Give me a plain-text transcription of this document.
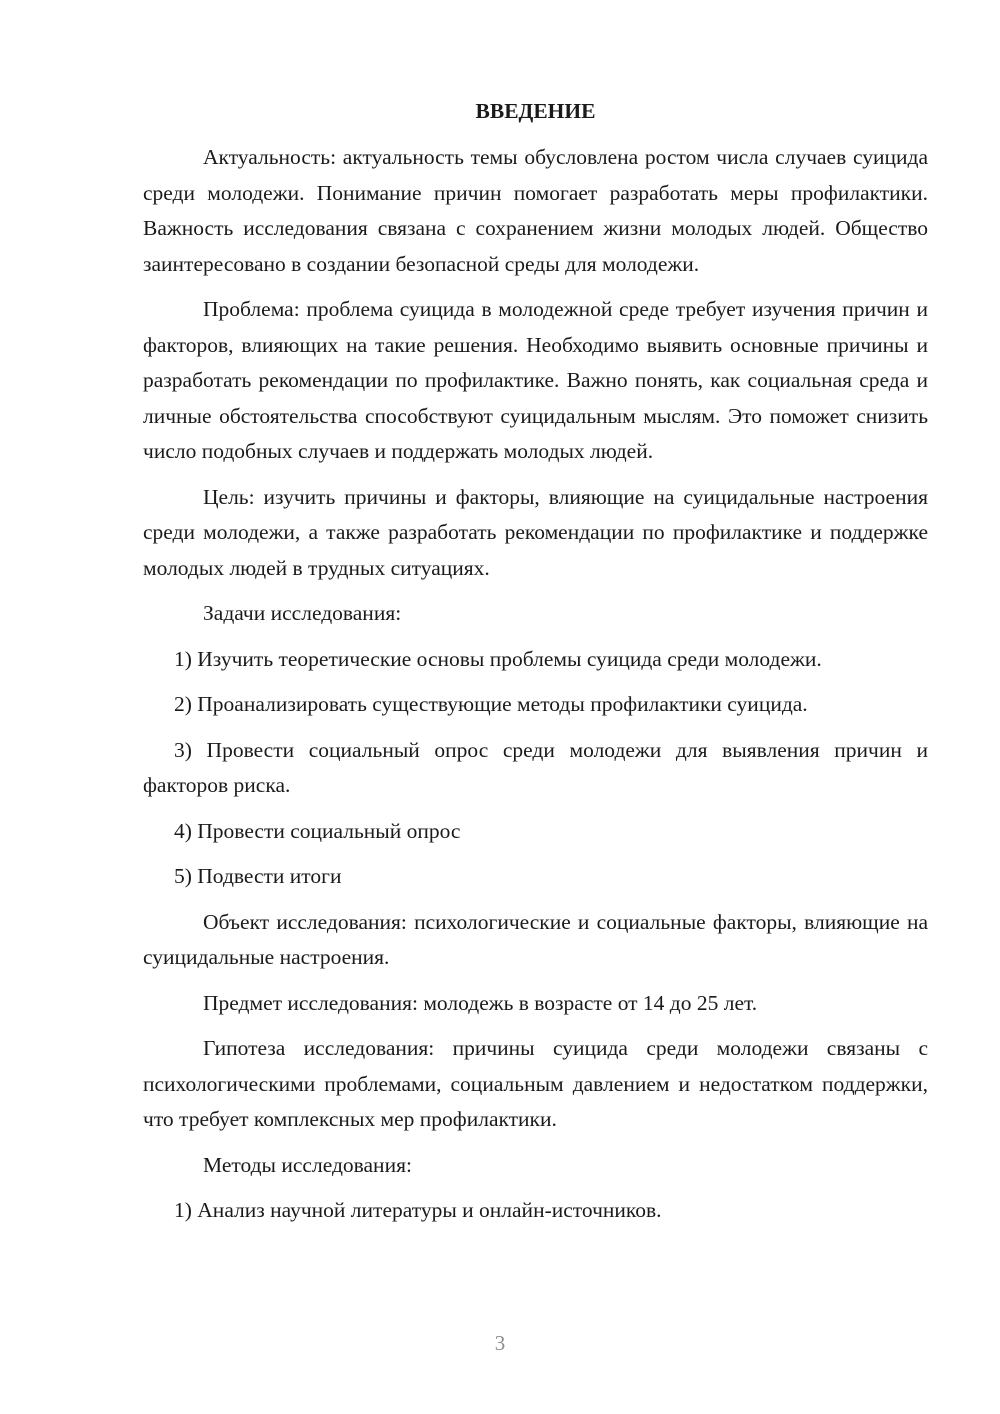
ВВЕДЕНИЕ

Актуальность: актуальность темы обусловлена ростом числа случаев суицида среди молодежи. Понимание причин помогает разработать меры профилактики. Важность исследования связана с сохранением жизни молодых людей. Общество заинтересовано в создании безопасной среды для молодежи.

Проблема: проблема суицида в молодежной среде требует изучения причин и факторов, влияющих на такие решения. Необходимо выявить основные причины и разработать рекомендации по профилактике. Важно понять, как социальная среда и личные обстоятельства способствуют суицидальным мыслям. Это поможет снизить число подобных случаев и поддержать молодых людей.

Цель: изучить причины и факторы, влияющие на суицидальные настроения среди молодежи, а также разработать рекомендации по профилактике и поддержке молодых людей в трудных ситуациях.

Задачи исследования:

1) Изучить теоретические основы проблемы суицида среди молодежи.

2) Проанализировать существующие методы профилактики суицида.

3) Провести социальный опрос среди молодежи для выявления причин и факторов риска.

4) Провести социальный опрос

5) Подвести итоги

Объект исследования: психологические и социальные факторы, влияющие на суицидальные настроения.

Предмет исследования: молодежь в возрасте от 14 до 25 лет.

Гипотеза исследования: причины суицида среди молодежи связаны с психологическими проблемами, социальным давлением и недостатком поддержки, что требует комплексных мер профилактики.

Методы исследования:

1) Анализ научной литературы и онлайн-источников.

3
